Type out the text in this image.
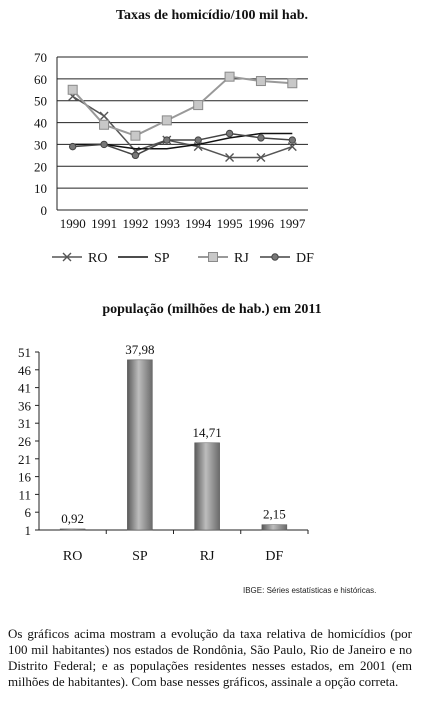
Taxas de homicídio/100 mil hab.
0
10
20
30
40
50
60
70
1990 1991 1992 1993 1994 1995 1996 1997
RO	SP	RJ	DF
população (milhões de hab.) em 2011
1
6
11
16
21
26
31
36
41
46
51
0,92
RO
37,98
SP
14,71
RJ
2,15
DF
IBGE: Séries estatísticas e históricas.
Os gráficos acima mostram a evolução da taxa relativa de homicídios (por 100 mil habitantes) nos estados de Rondônia, São Paulo, Rio de Janeiro e no Distrito Federal; e as populações residentes nesses estados, em 2001 (em milhões de habitantes). Com base nesses gráficos, assinale a opção correta.
